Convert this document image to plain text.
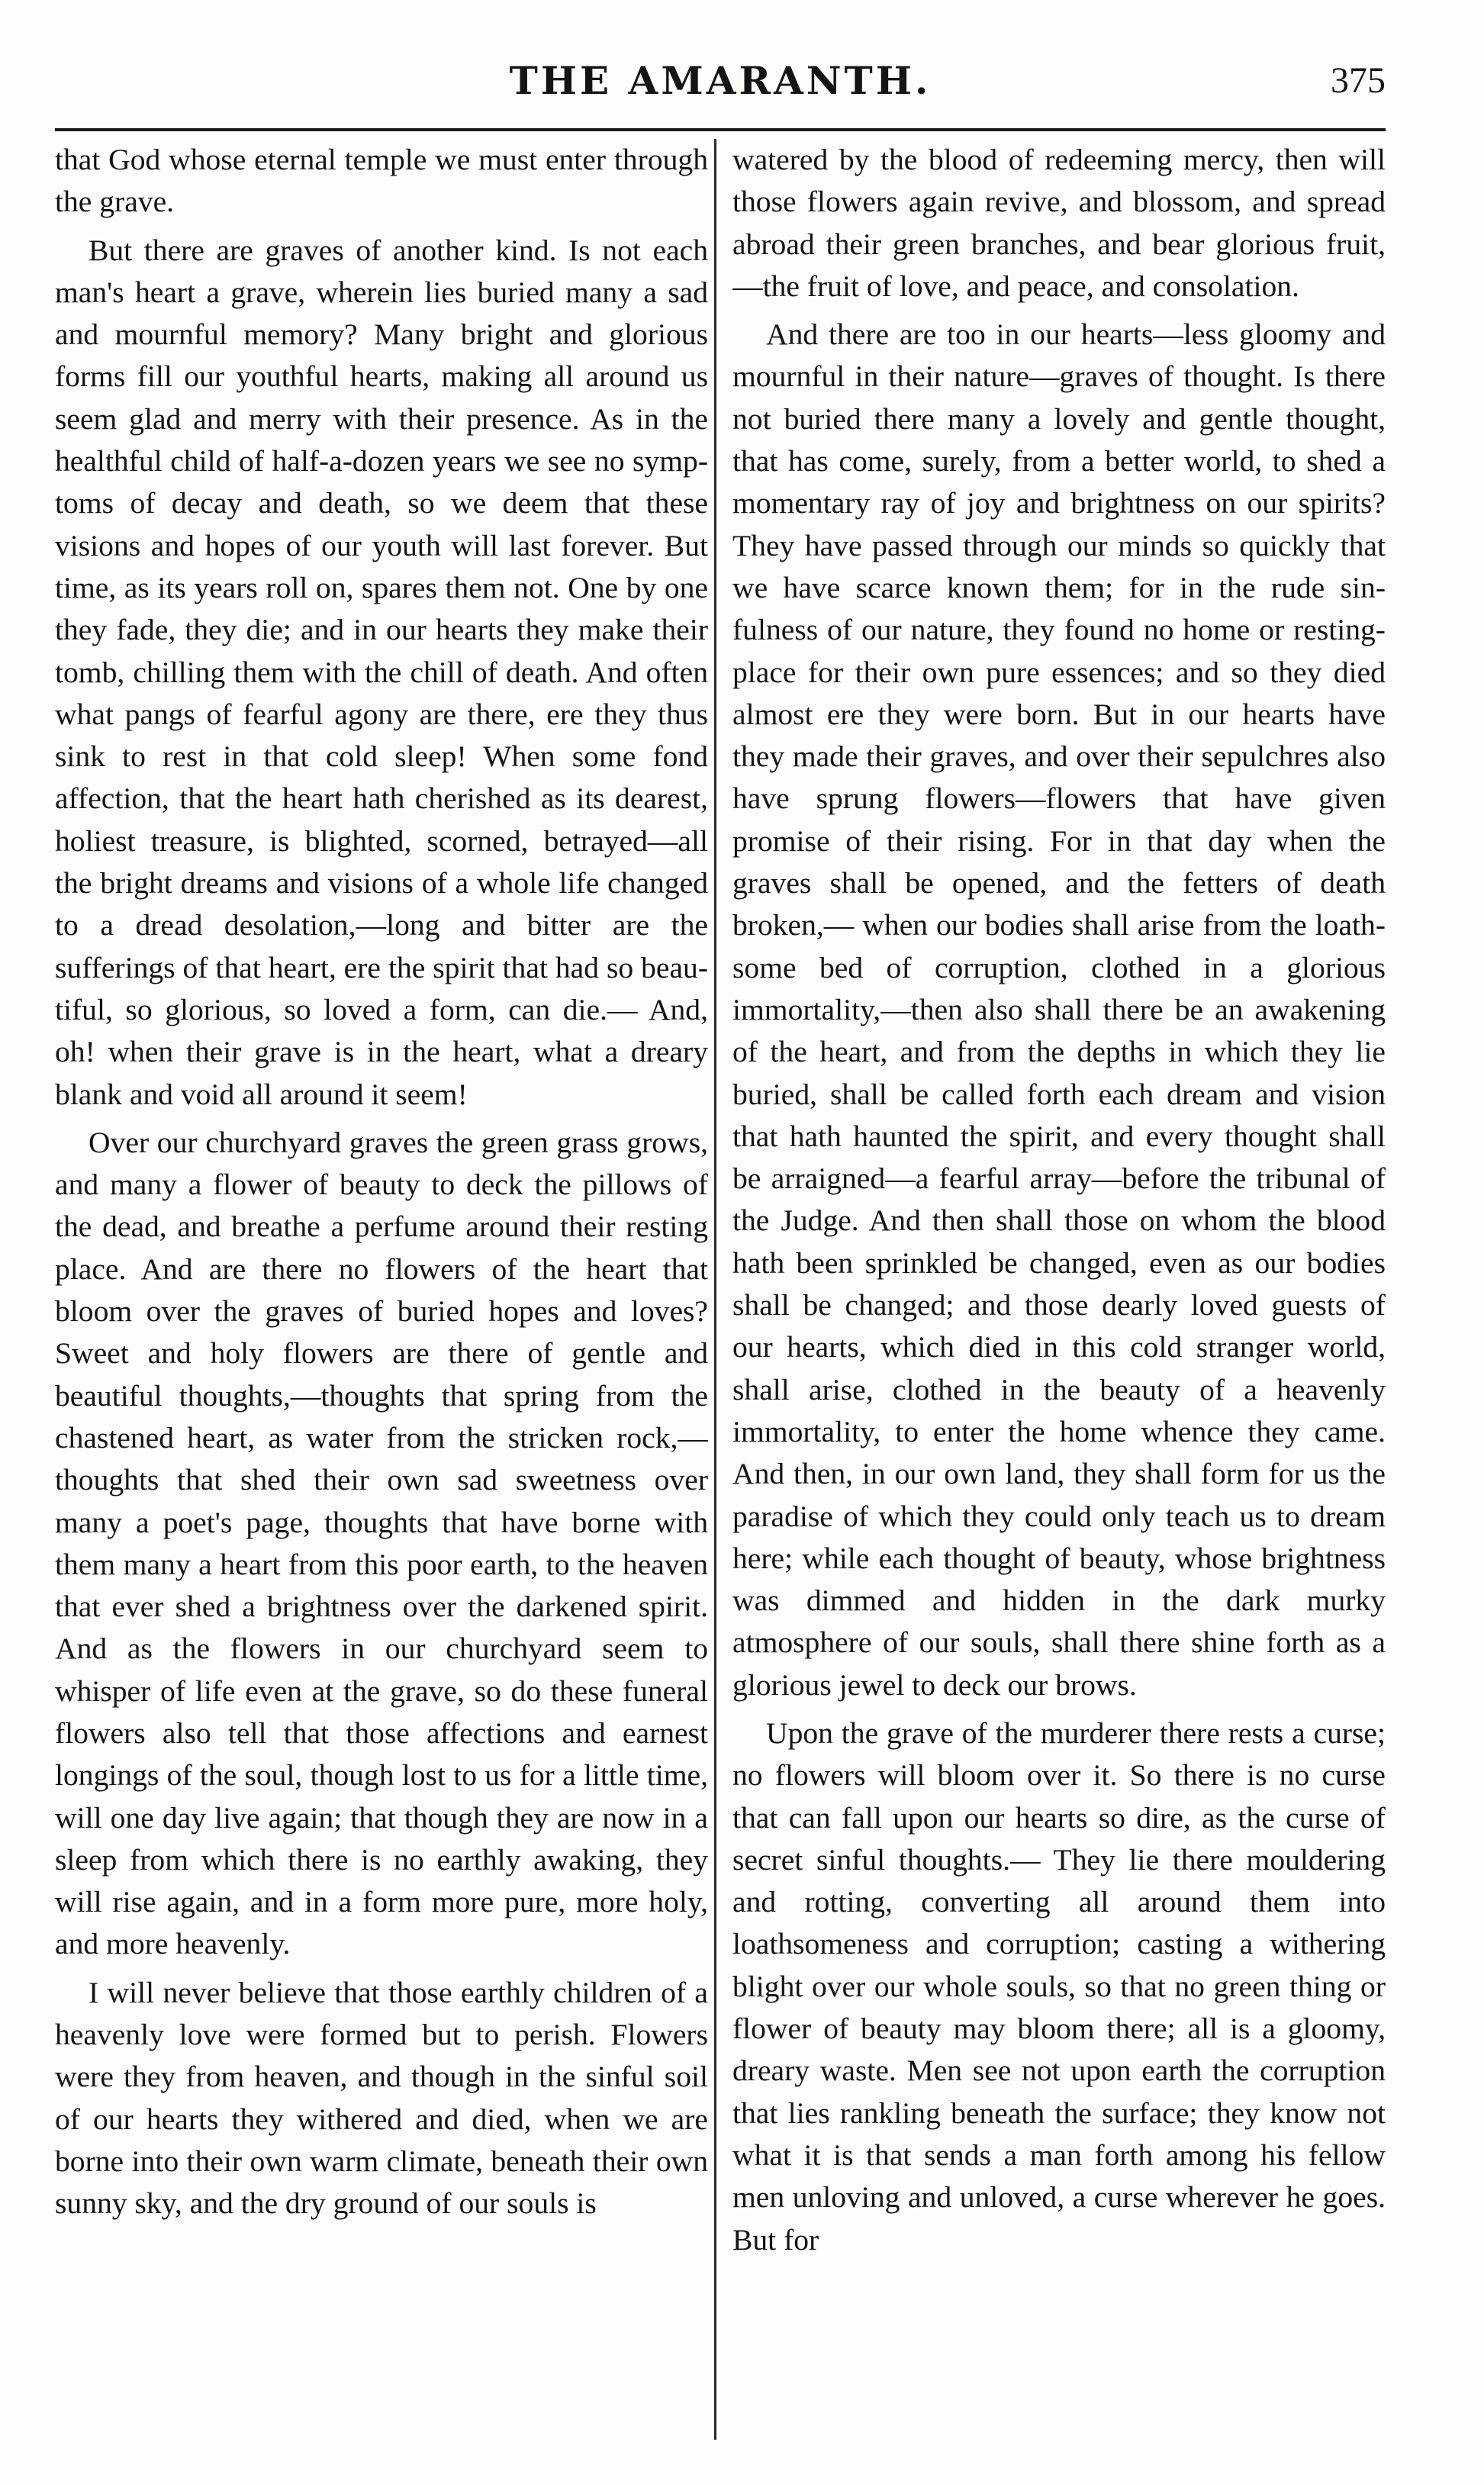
THE AMARANTH.	375

that God whose eternal temple we must enter through the grave.

But there are graves of another kind. Is not each man's heart a grave, wherein lies buried many a sad and mournful memory? Many bright and glorious forms fill our youthful hearts, making all around us seem glad and merry with their presence. As in the healthful child of half-a-dozen years we see no symptoms of decay and death, so we deem that these visions and hopes of our youth will last forever. But time, as its years roll on, spares them not. One by one they fade, they die; and in our hearts they make their tomb, chilling them with the chill of death. And often what pangs of fearful agony are there, ere they thus sink to rest in that cold sleep! When some fond affection, that the heart hath cherished as its dearest, holiest treasure, is blighted, scorned, betrayed—all the bright dreams and visions of a whole life changed to a dread desolation,—long and bitter are the sufferings of that heart, ere the spirit that had so beautiful, so glorious, so loved a form, can die.— And, oh! when their grave is in the heart, what a dreary blank and void all around it seem!

Over our churchyard graves the green grass grows, and many a flower of beauty to deck the pillows of the dead, and breathe a perfume around their resting place. And are there no flowers of the heart that bloom over the graves of buried hopes and loves? Sweet and holy flowers are there of gentle and beautiful thoughts,—thoughts that spring from the chastened heart, as water from the stricken rock,— thoughts that shed their own sad sweetness over many a poet's page, thoughts that have borne with them many a heart from this poor earth, to the heaven that ever shed a brightness over the darkened spirit. And as the flowers in our churchyard seem to whisper of life even at the grave, so do these funeral flowers also tell that those affections and earnest longings of the soul, though lost to us for a little time, will one day live again; that though they are now in a sleep from which there is no earthly awaking, they will rise again, and in a form more pure, more holy, and more heavenly.

I will never believe that those earthly children of a heavenly love were formed but to perish. Flowers were they from heaven, and though in the sinful soil of our hearts they withered and died, when we are borne into their own warm climate, beneath their own sunny sky, and the dry ground of our souls is

watered by the blood of redeeming mercy, then will those flowers again revive, and blossom, and spread abroad their green branches, and bear glorious fruit,—the fruit of love, and peace, and consolation.

And there are too in our hearts—less gloomy and mournful in their nature—graves of thought. Is there not buried there many a lovely and gentle thought, that has come, surely, from a better world, to shed a momentary ray of joy and brightness on our spirits? They have passed through our minds so quickly that we have scarce known them; for in the rude sinfulness of our nature, they found no home or resting-place for their own pure essences; and so they died almost ere they were born. But in our hearts have they made their graves, and over their sepulchres also have sprung flowers—flowers that have given promise of their rising. For in that day when the graves shall be opened, and the fetters of death broken,— when our bodies shall arise from the loathsome bed of corruption, clothed in a glorious immortality,—then also shall there be an awakening of the heart, and from the depths in which they lie buried, shall be called forth each dream and vision that hath haunted the spirit, and every thought shall be arraigned—a fearful array—before the tribunal of the Judge. And then shall those on whom the blood hath been sprinkled be changed, even as our bodies shall be changed; and those dearly loved guests of our hearts, which died in this cold stranger world, shall arise, clothed in the beauty of a heavenly immortality, to enter the home whence they came. And then, in our own land, they shall form for us the paradise of which they could only teach us to dream here; while each thought of beauty, whose brightness was dimmed and hidden in the dark murky atmosphere of our souls, shall there shine forth as a glorious jewel to deck our brows.

Upon the grave of the murderer there rests a curse; no flowers will bloom over it. So there is no curse that can fall upon our hearts so dire, as the curse of secret sinful thoughts.— They lie there mouldering and rotting, converting all around them into loathsomeness and corruption; casting a withering blight over our whole souls, so that no green thing or flower of beauty may bloom there; all is a gloomy, dreary waste. Men see not upon earth the corruption that lies rankling beneath the surface; they know not what it is that sends a man forth among his fellow men unloving and unloved, a curse wherever he goes. But for
